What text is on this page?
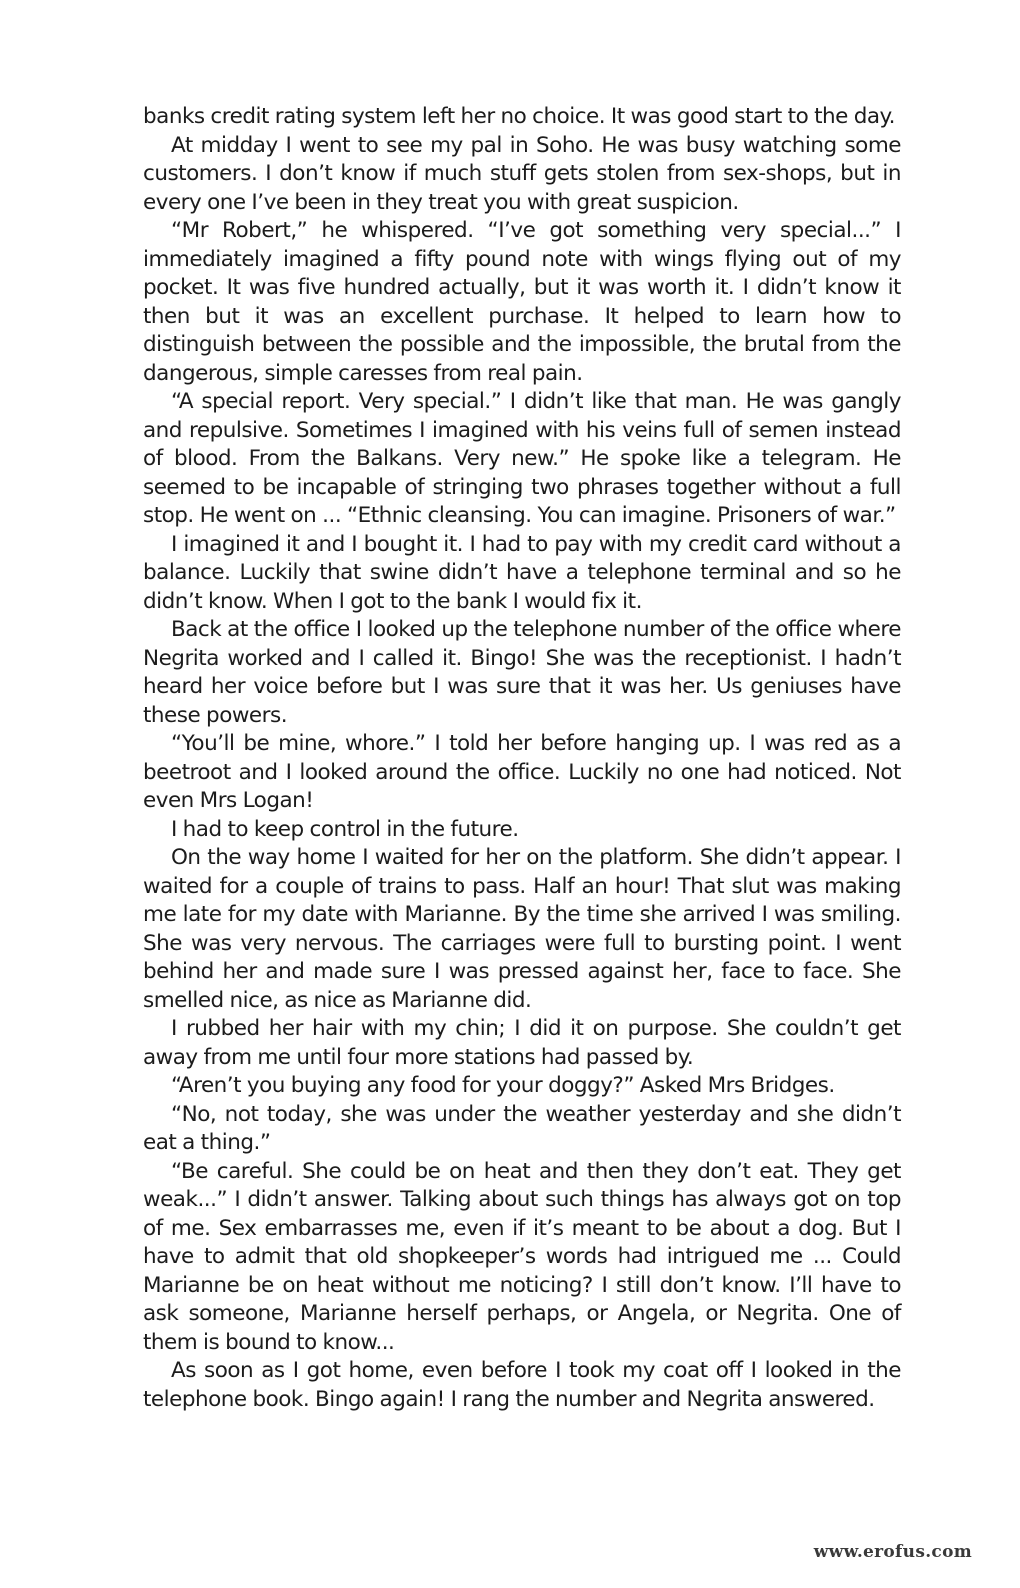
banks credit rating system left her no choice. It was good start to the day.

At midday I went to see my pal in Soho. He was busy watching some customers. I don’t know if much stuff gets stolen from sex-shops, but in every one I’ve been in they treat you with great suspicion.

“Mr Robert,” he whispered. “I’ve got something very special...” I immediately imagined a fifty pound note with wings flying out of my pocket. It was five hundred actually, but it was worth it. I didn’t know it then but it was an excellent purchase. It helped to learn how to distinguish between the possible and the impossible, the brutal from the dangerous, simple caresses from real pain.

“A special report. Very special.” I didn’t like that man. He was gangly and repulsive. Sometimes I imagined with his veins full of semen instead of blood. From the Balkans. Very new.” He spoke like a telegram. He seemed to be incapable of stringing two phrases together without a full stop. He went on ... “Ethnic cleansing. You can imagine. Prisoners of war.”

I imagined it and I bought it. I had to pay with my credit card without a balance. Luckily that swine didn’t have a telephone terminal and so he didn’t know. When I got to the bank I would fix it.

Back at the office I looked up the telephone number of the office where Negrita worked and I called it. Bingo! She was the receptionist. I hadn’t heard her voice before but I was sure that it was her. Us geniuses have these powers.

“You’ll be mine, whore.” I told her before hanging up. I was red as a beetroot and I looked around the office. Luckily no one had noticed. Not even Mrs Logan!

I had to keep control in the future.

On the way home I waited for her on the platform. She didn’t appear. I waited for a couple of trains to pass. Half an hour! That slut was making me late for my date with Marianne. By the time she arrived I was smiling. She was very nervous. The carriages were full to bursting point. I went behind her and made sure I was pressed against her, face to face. She smelled nice, as nice as Marianne did.

I rubbed her hair with my chin; I did it on purpose. She couldn’t get away from me until four more stations had passed by.

“Aren’t you buying any food for your doggy?” Asked Mrs Bridges.

“No, not today, she was under the weather yesterday and she didn’t eat a thing.”

“Be careful. She could be on heat and then they don’t eat. They get weak...” I didn’t answer. Talking about such things has always got on top of me. Sex embarrasses me, even if it’s meant to be about a dog. But I have to admit that old shopkeeper’s words had intrigued me ... Could Marianne be on heat without me noticing? I still don’t know. I’ll have to ask someone, Marianne herself perhaps, or Angela, or Negrita. One of them is bound to know...

As soon as I got home, even before I took my coat off I looked in the telephone book. Bingo again! I rang the number and Negrita answered.

www.erofus.com
